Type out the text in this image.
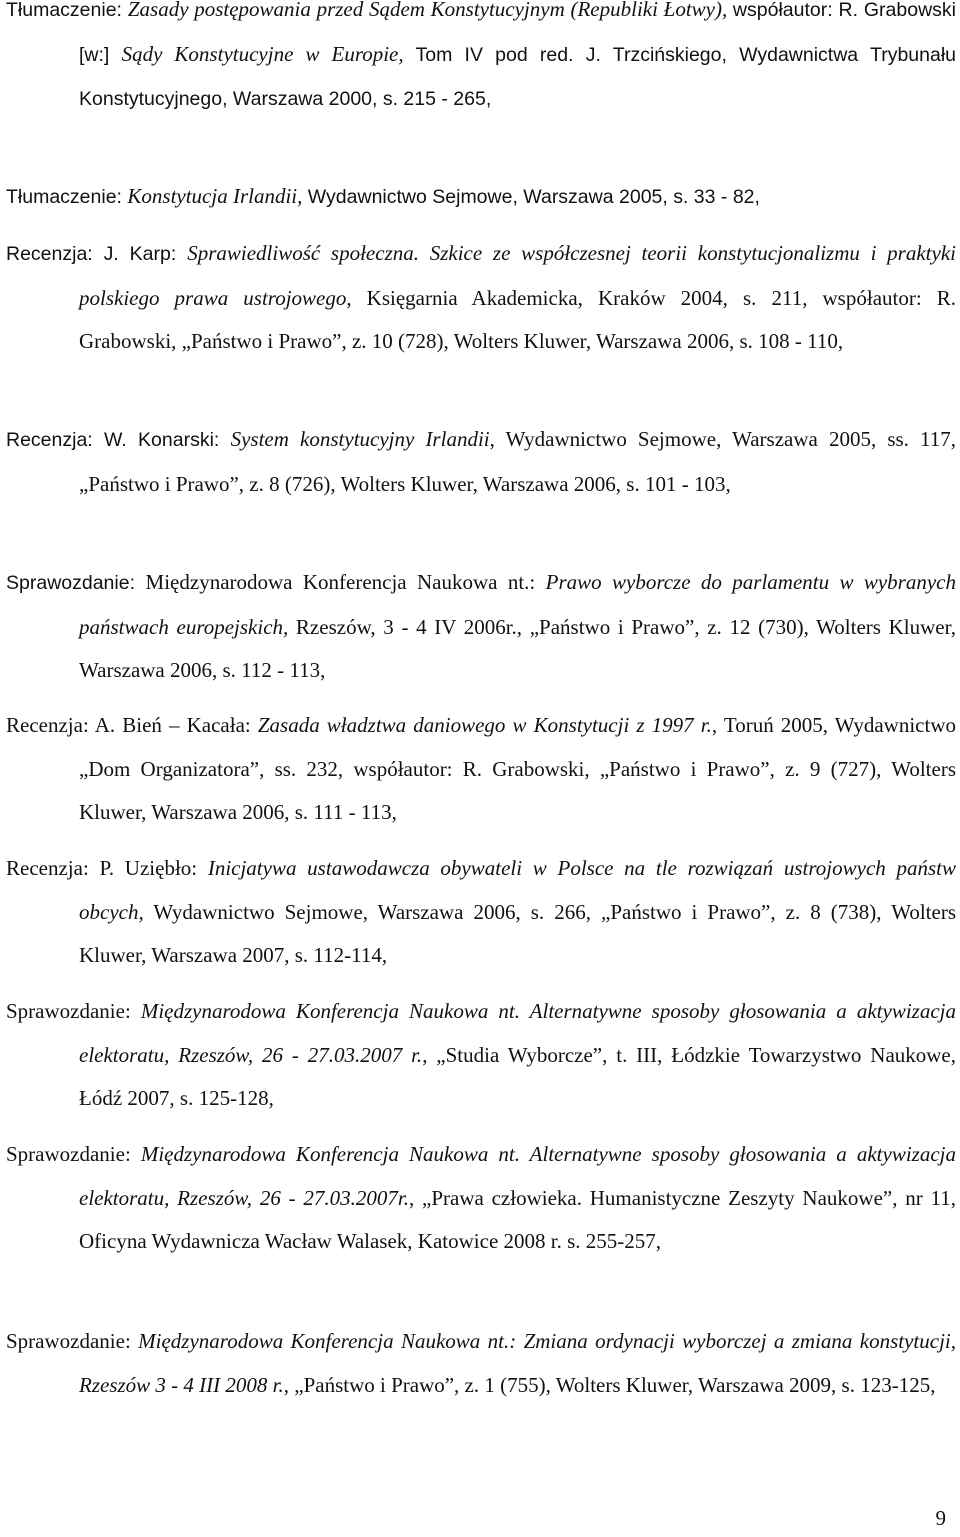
Tłumaczenie: Zasady postępowania przed Sądem Konstytucyjnym (Republiki Łotwy), współautor: R. Grabowski [w:] Sądy Konstytucyjne w Europie, Tom IV pod red. J. Trzcińskiego, Wydawnictwa Trybunału Konstytucyjnego, Warszawa 2000, s. 215 - 265,
Tłumaczenie: Konstytucja Irlandii, Wydawnictwo Sejmowe, Warszawa 2005, s. 33 - 82,
Recenzja: J. Karp: Sprawiedliwość społeczna. Szkice ze współczesnej teorii konstytucjonalizmu i praktyki polskiego prawa ustrojowego, Księgarnia Akademicka, Kraków 2004, s. 211, współautor: R. Grabowski, „Państwo i Prawo”, z. 10 (728), Wolters Kluwer, Warszawa 2006, s. 108 - 110,
Recenzja: W. Konarski: System konstytucyjny Irlandii, Wydawnictwo Sejmowe, Warszawa 2005, ss. 117, „Państwo i Prawo”, z. 8 (726), Wolters Kluwer, Warszawa 2006, s. 101 - 103,
Sprawozdanie: Międzynarodowa Konferencja Naukowa nt.: Prawo wyborcze do parlamentu w wybranych państwach europejskich, Rzeszów, 3 - 4 IV 2006r., „Państwo i Prawo”, z. 12 (730), Wolters Kluwer, Warszawa 2006, s. 112 - 113,
Recenzja: A. Bień – Kacała: Zasada władztwa daniowego w Konstytucji z 1997 r., Toruń 2005, Wydawnictwo „Dom Organizatora”, ss. 232, współautor: R. Grabowski, „Państwo i Prawo”, z. 9 (727), Wolters Kluwer, Warszawa 2006, s. 111 - 113,
Recenzja: P. Uziębło: Inicjatywa ustawodawcza obywateli w Polsce na tle rozwiązań ustrojowych państw obcych, Wydawnictwo Sejmowe, Warszawa 2006, s. 266, „Państwo i Prawo”, z. 8 (738), Wolters Kluwer, Warszawa 2007, s. 112-114,
Sprawozdanie: Międzynarodowa Konferencja Naukowa nt. Alternatywne sposoby głosowania a aktywizacja elektoratu, Rzeszów, 26 - 27.03.2007 r., „Studia Wyborcze”, t. III, Łódzkie Towarzystwo Naukowe, Łódź 2007, s. 125-128,
Sprawozdanie: Międzynarodowa Konferencja Naukowa nt. Alternatywne sposoby głosowania a aktywizacja elektoratu, Rzeszów, 26 - 27.03.2007r., „Prawa człowieka. Humanistyczne Zeszyty Naukowe”, nr 11, Oficyna Wydawnicza Wacław Walasek, Katowice 2008 r. s. 255-257,
Sprawozdanie: Międzynarodowa Konferencja Naukowa nt.: Zmiana ordynacji wyborczej a zmiana konstytucji, Rzeszów 3 - 4 III 2008 r., „Państwo i Prawo”, z. 1 (755), Wolters Kluwer, Warszawa 2009, s. 123-125,
9
